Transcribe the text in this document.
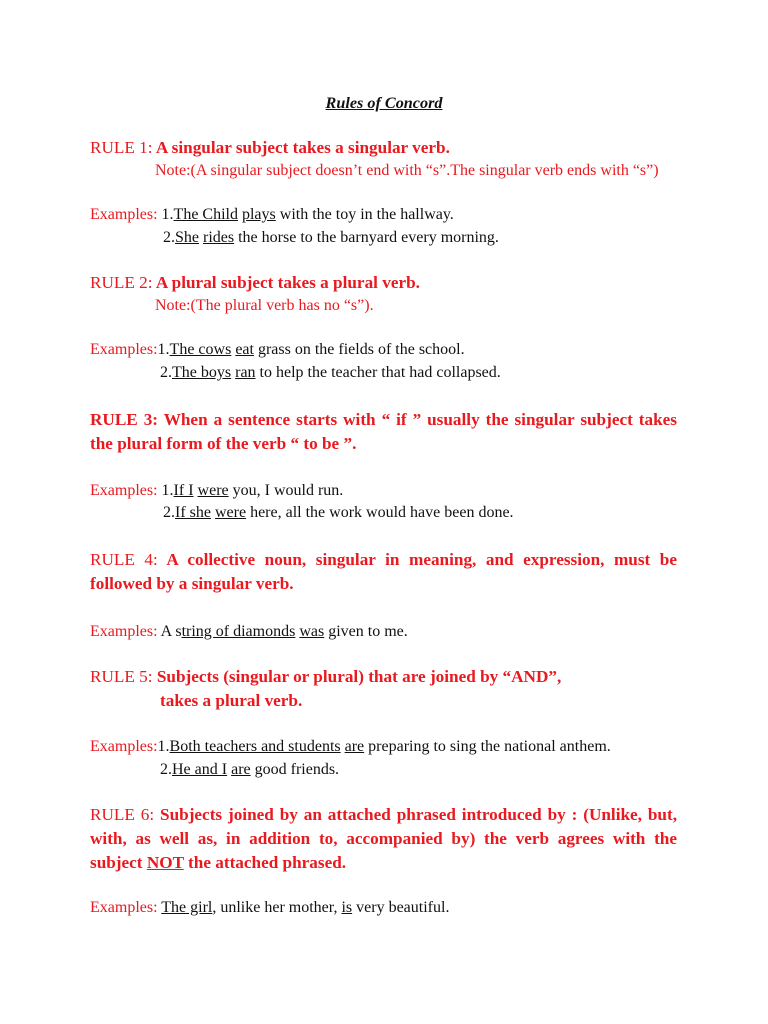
Rules of Concord
RULE 1: A singular subject takes a singular verb.
Note:(A singular subject doesn’t end with “s”.The singular verb ends with “s”)
Examples: 1.The Child plays with the toy in the hallway.
2.She rides the horse to the barnyard every morning.
RULE 2: A plural subject takes a plural verb.
Note:(The plural verb has no “s”).
Examples:1.The cows eat grass on the fields of the school.
2.The boys ran to help the teacher that had collapsed.
RULE 3: When a sentence starts with “ if ” usually the singular subject takes
the plural form of the verb “ to be ”.
Examples: 1.If I were you, I would run.
2.If she were here, all the work would have been done.
RULE 4: A collective noun, singular in meaning, and expression, must be
followed by a singular verb.
Examples: A string of diamonds was given to me.
RULE 5: Subjects (singular or plural) that are joined by “AND”,
takes a plural verb.
Examples:1.Both teachers and students are preparing to sing the national anthem.
2.He and I are good friends.
RULE 6: Subjects joined by an attached phrased introduced by : (Unlike, but,
with, as well as, in addition to, accompanied by) the verb agrees with the
subject NOT the attached phrased.
Examples: The girl, unlike her mother, is very beautiful.
